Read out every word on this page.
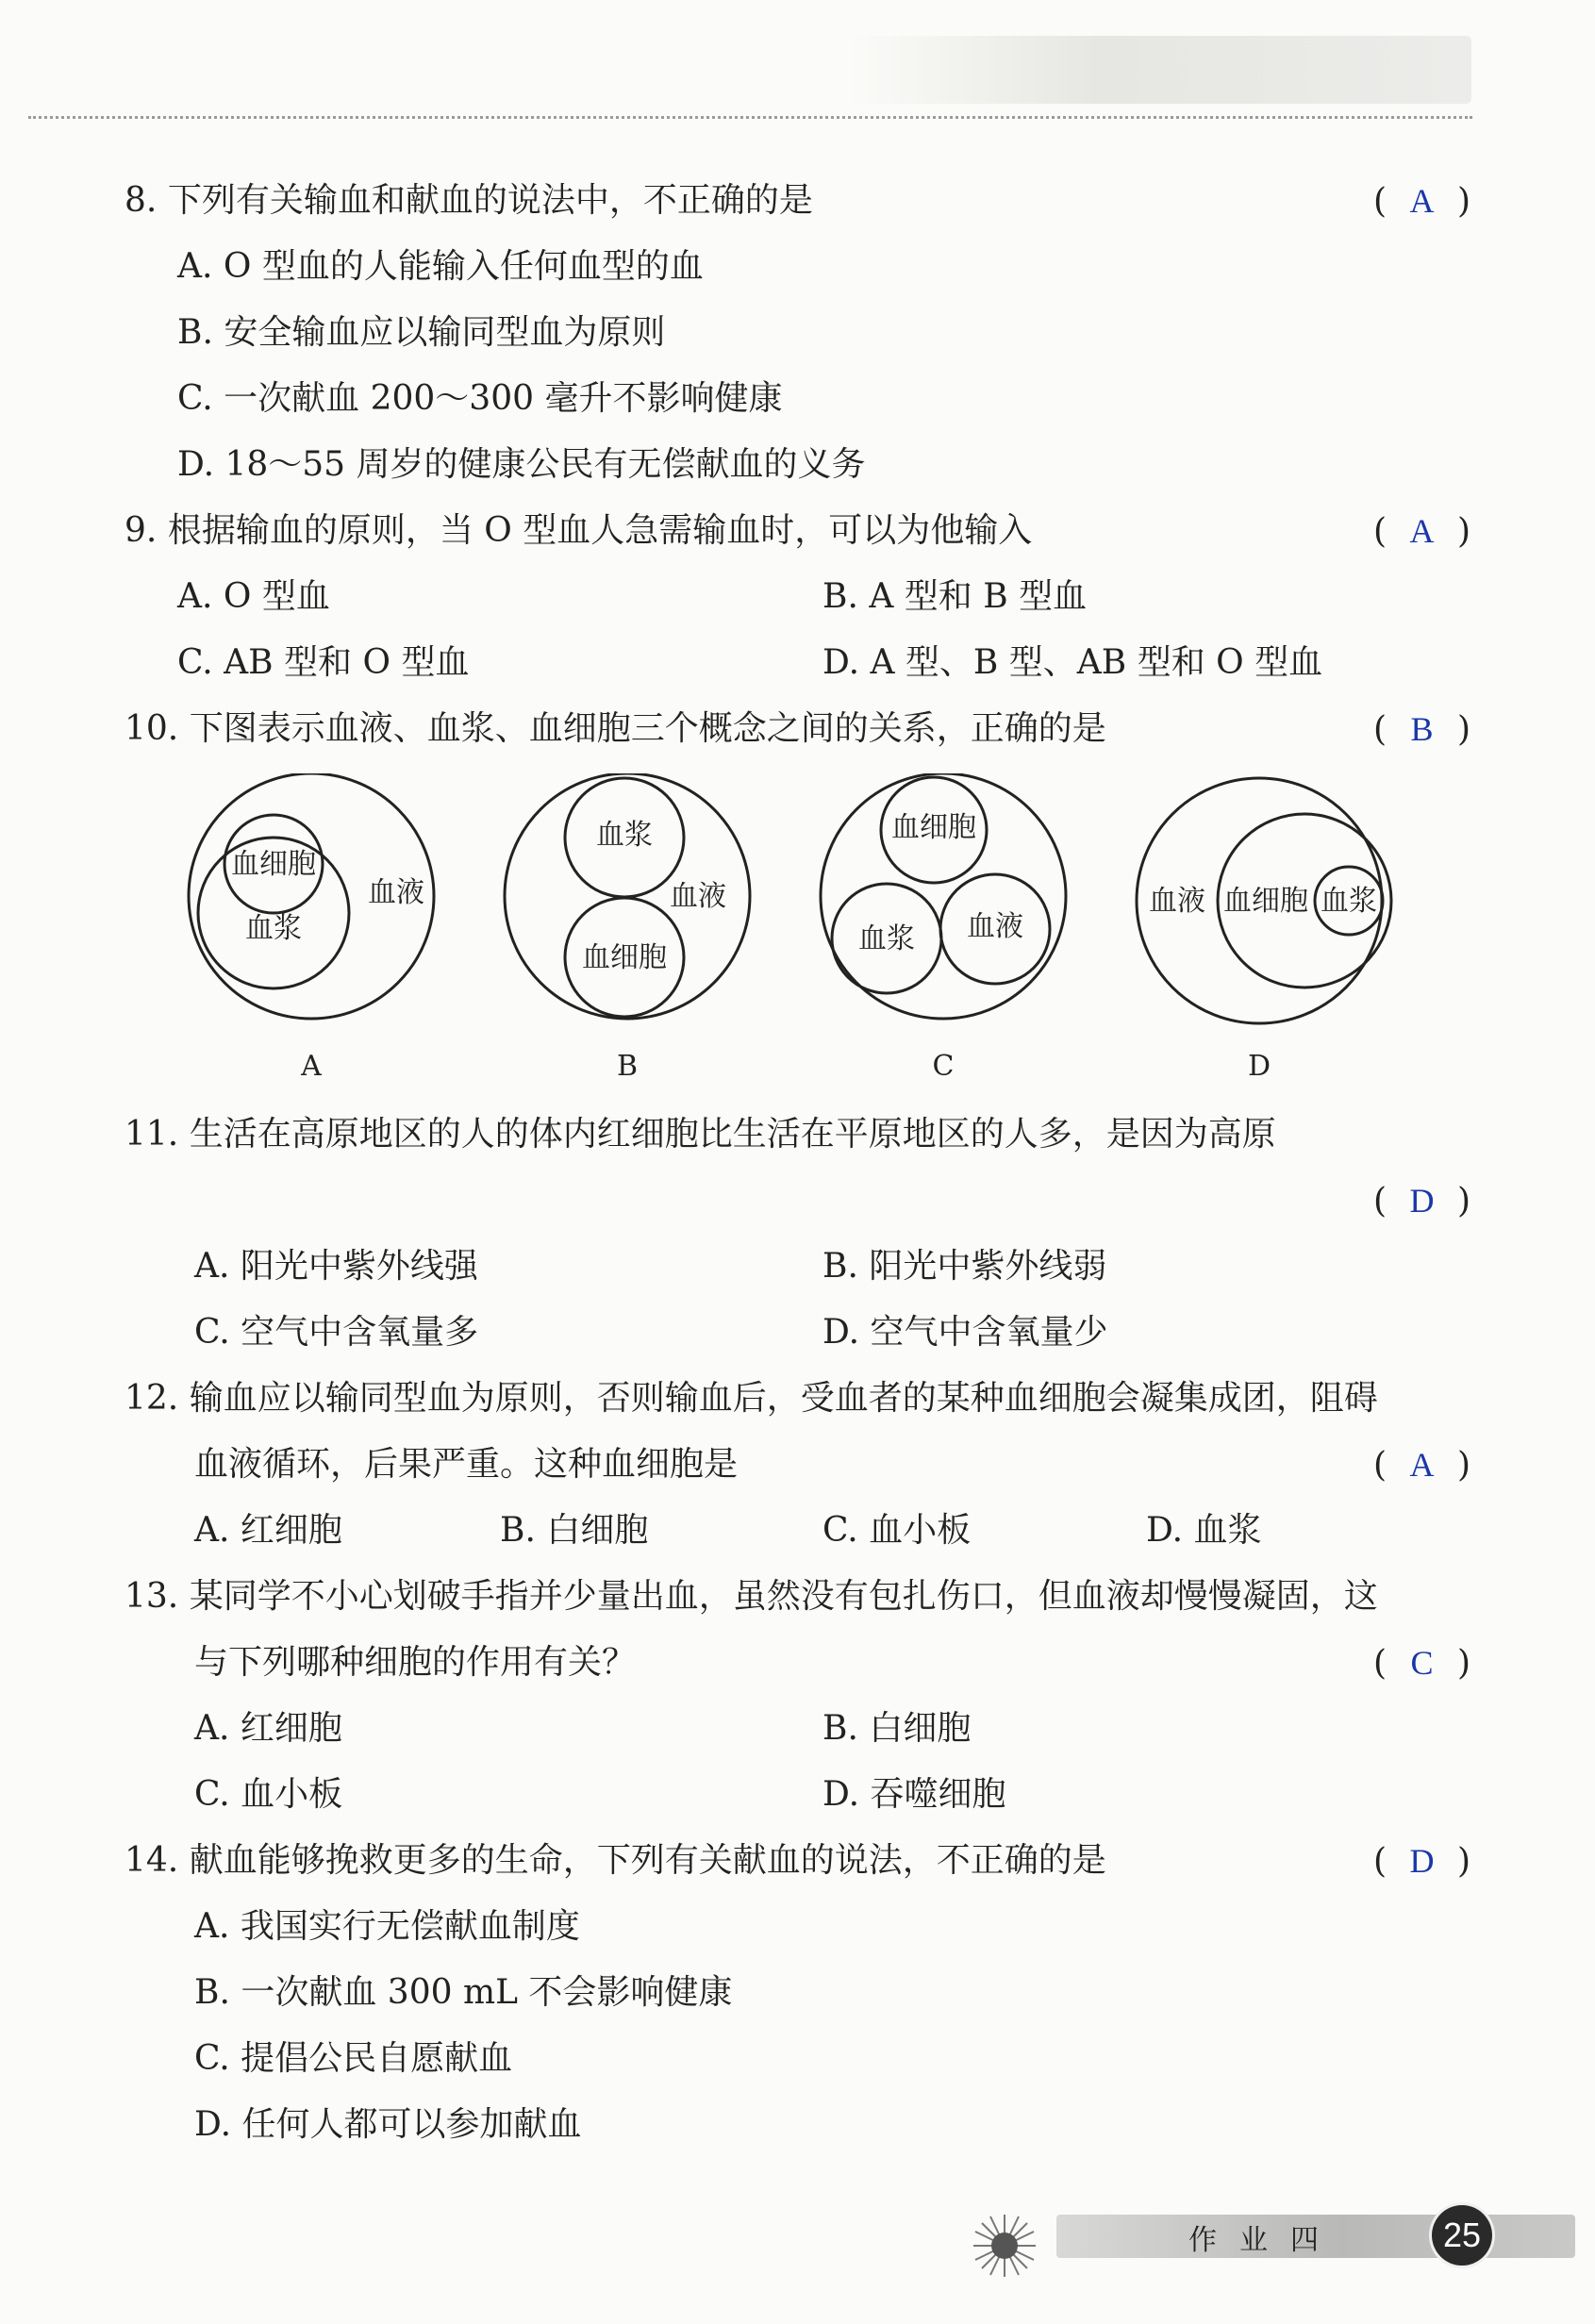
8. 下列有关输血和献血的说法中，不正确的是	( A )
A. O 型血的人能输入任何血型的血
B. 安全输血应以输同型血为原则
C. 一次献血 200～300 毫升不影响健康
D. 18～55 周岁的健康公民有无偿献血的义务
9. 根据输血的原则，当 O 型血人急需输血时，可以为他输入	( A )
A. O 型血	B. A 型和 B 型血
C. AB 型和 O 型血	D. A 型、B 型、AB 型和 O 型血
10. 下图表示血液、血浆、血细胞三个概念之间的关系，正确的是	( B )
血细胞
血浆
血液
血浆
血液
血细胞
血细胞
血浆 血液
血液 血细胞 血浆
A	B	C	D
11. 生活在高原地区的人的体内红细胞比生活在平原地区的人多，是因为高原
( D )
A. 阳光中紫外线强	B. 阳光中紫外线弱
C. 空气中含氧量多	D. 空气中含氧量少
12. 输血应以输同型血为原则，否则输血后，受血者的某种血细胞会凝集成团，阻碍
血液循环，后果严重。这种血细胞是	( A )
A. 红细胞	B. 白细胞	C. 血小板	D. 血浆
13. 某同学不小心划破手指并少量出血，虽然没有包扎伤口，但血液却慢慢凝固，这
与下列哪种细胞的作用有关？	( C )
A. 红细胞	B. 白细胞
C. 血小板	D. 吞噬细胞
14. 献血能够挽救更多的生命，下列有关献血的说法，不正确的是	( D )
A. 我国实行无偿献血制度
B. 一次献血 300 mL 不会影响健康
C. 提倡公民自愿献血
D. 任何人都可以参加献血
作业四	25
